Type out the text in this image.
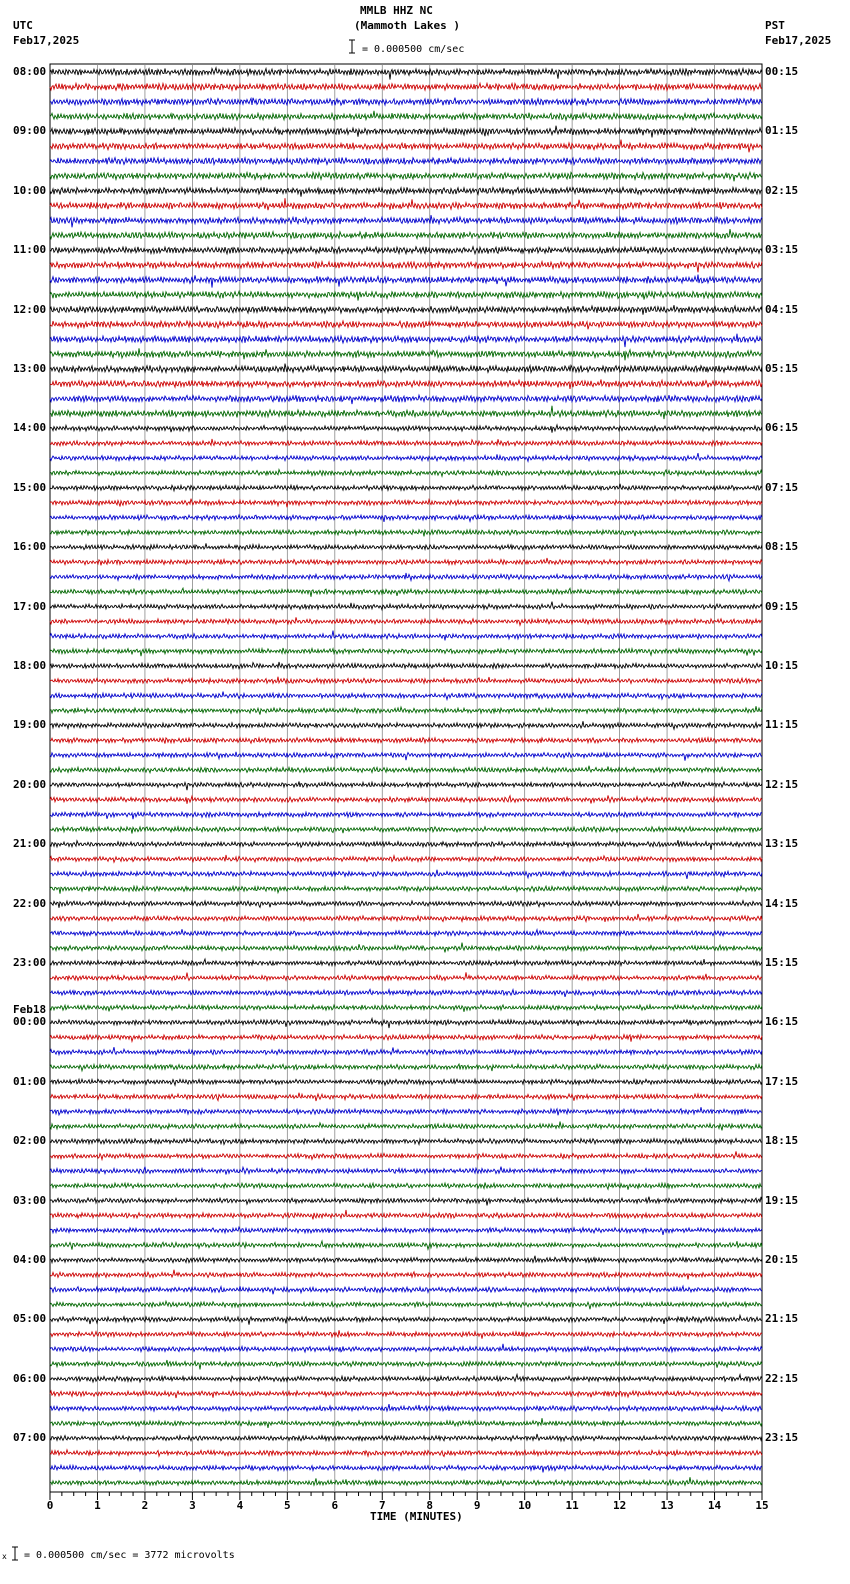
MMLB HHZ NC
(Mammoth Lakes )
= 0.000500 cm/sec
UTC
Feb17,2025
PST
Feb17,2025
Feb18
08:00
09:00
10:00
11:00
12:00
13:00
14:00
15:00
16:00
17:00
18:00
19:00
20:00
21:00
22:00
23:00
00:00
01:00
02:00
03:00
04:00
05:00
06:00
07:00
00:15
01:15
02:15
03:15
04:15
05:15
06:15
07:15
08:15
09:15
10:15
11:15
12:15
13:15
14:15
15:15
16:15
17:15
18:15
19:15
20:15
21:15
22:15
23:15
0	1	2	3	4	5	6	7	8	9	10	11	12	13	14	15
TIME (MINUTES)
x = 0.000500 cm/sec = 3772 microvolts
